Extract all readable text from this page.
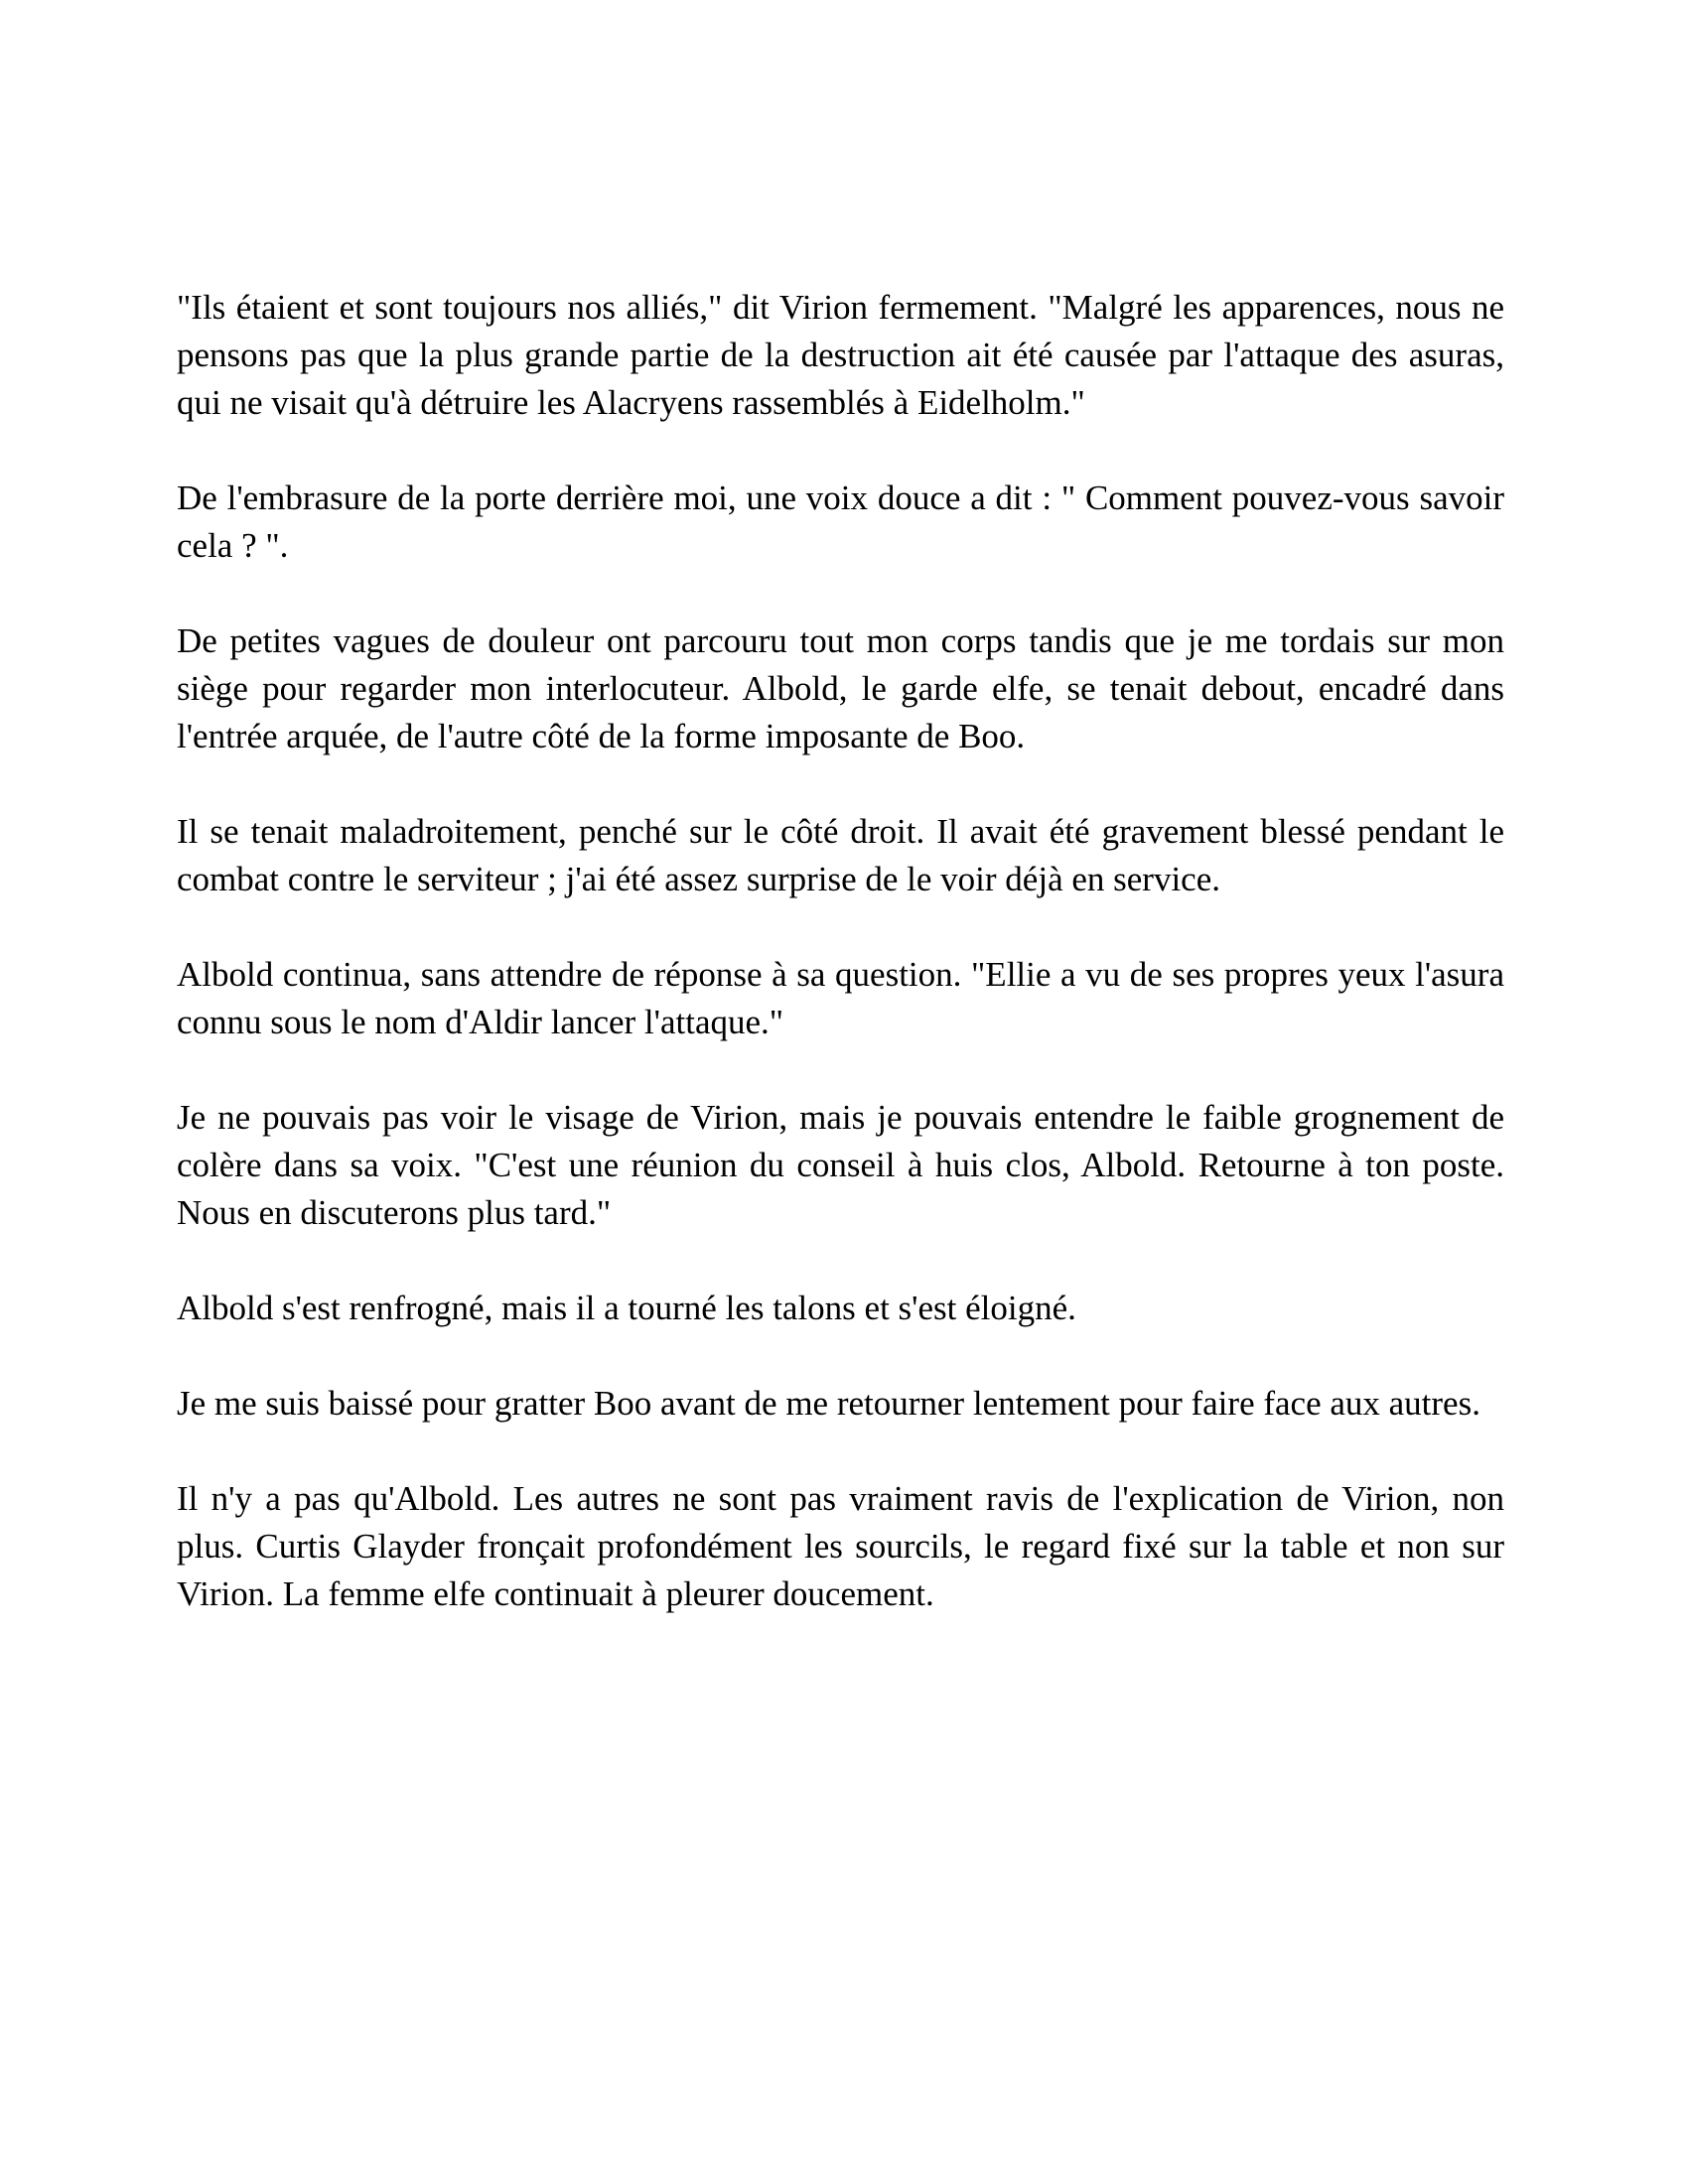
"Ils étaient et sont toujours nos alliés," dit Virion fermement. "Malgré les apparences, nous ne pensons pas que la plus grande partie de la destruction ait été causée par l'attaque des asuras, qui ne visait qu'à détruire les Alacryens rassemblés à Eidelholm."

De l'embrasure de la porte derrière moi, une voix douce a dit : " Comment pouvez-vous savoir cela ? ".

De petites vagues de douleur ont parcouru tout mon corps tandis que je me tordais sur mon siège pour regarder mon interlocuteur. Albold, le garde elfe, se tenait debout, encadré dans l'entrée arquée, de l'autre côté de la forme imposante de Boo.

Il se tenait maladroitement, penché sur le côté droit. Il avait été gravement blessé pendant le combat contre le serviteur ; j'ai été assez surprise de le voir déjà en service.

Albold continua, sans attendre de réponse à sa question. "Ellie a vu de ses propres yeux l'asura connu sous le nom d'Aldir lancer l'attaque."

Je ne pouvais pas voir le visage de Virion, mais je pouvais entendre le faible grognement de colère dans sa voix. "C'est une réunion du conseil à huis clos, Albold. Retourne à ton poste. Nous en discuterons plus tard."

Albold s'est renfrogné, mais il a tourné les talons et s'est éloigné.

Je me suis baissé pour gratter Boo avant de me retourner lentement pour faire face aux autres.

Il n'y a pas qu'Albold. Les autres ne sont pas vraiment ravis de l'explication de Virion, non plus. Curtis Glayder fronçait profondément les sourcils, le regard fixé sur la table et non sur Virion. La femme elfe continuait à pleurer doucement.
